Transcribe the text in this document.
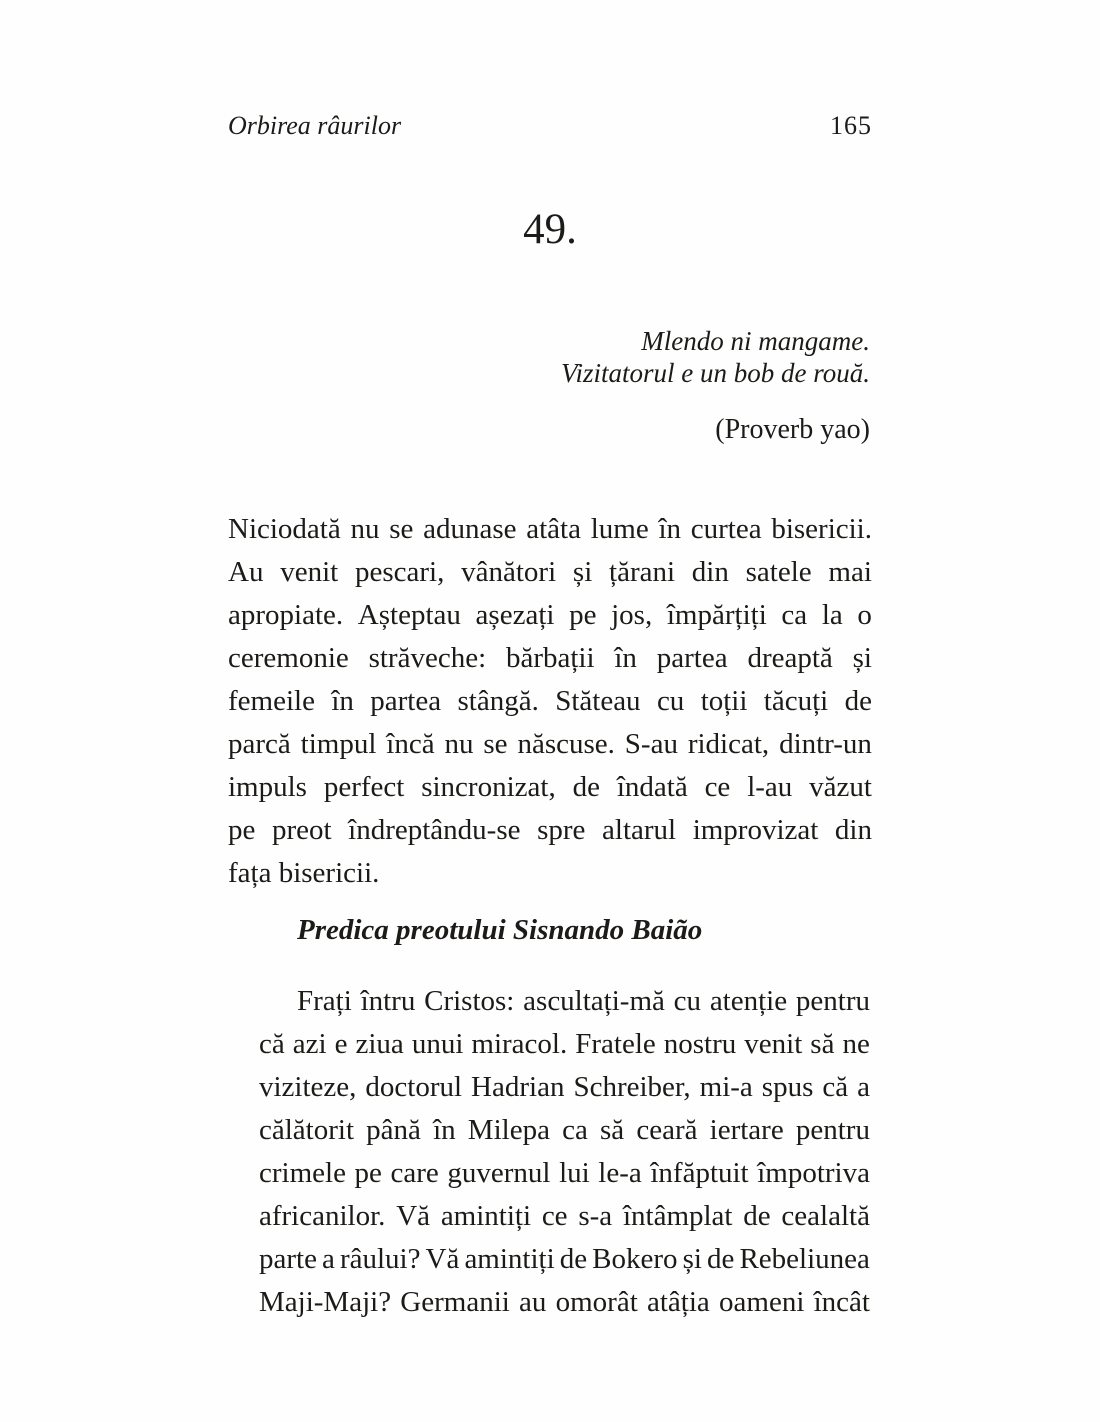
Orbirea râurilor	165
49.
Mlendo ni mangame.
Vizitatorul e un bob de rouă.
(Proverb yao)
Niciodată nu se adunase atâta lume în curtea bisericii.
Au venit pescari, vânători și țărani din satele mai
apropiate. Așteptau așezați pe jos, împărțiți ca la o
ceremonie străveche: bărbații în partea dreaptă și
femeile în partea stângă. Stăteau cu toții tăcuți de
parcă timpul încă nu se născuse. S-au ridicat, dintr-un
impuls perfect sincronizat, de îndată ce l-au văzut
pe preot îndreptându-se spre altarul improvizat din
fața bisericii.
Predica preotului Sisnando Baião
Frați întru Cristos: ascultați-mă cu atenție pentru
că azi e ziua unui miracol. Fratele nostru venit să ne
viziteze, doctorul Hadrian Schreiber, mi-a spus că a
călătorit până în Milepa ca să ceară iertare pentru
crimele pe care guvernul lui le-a înfăptuit împotriva
africanilor. Vă amintiți ce s-a întâmplat de cealaltă
parte a râului? Vă amintiți de Bokero și de Rebeliunea
Maji-Maji? Germanii au omorât atâția oameni încât
